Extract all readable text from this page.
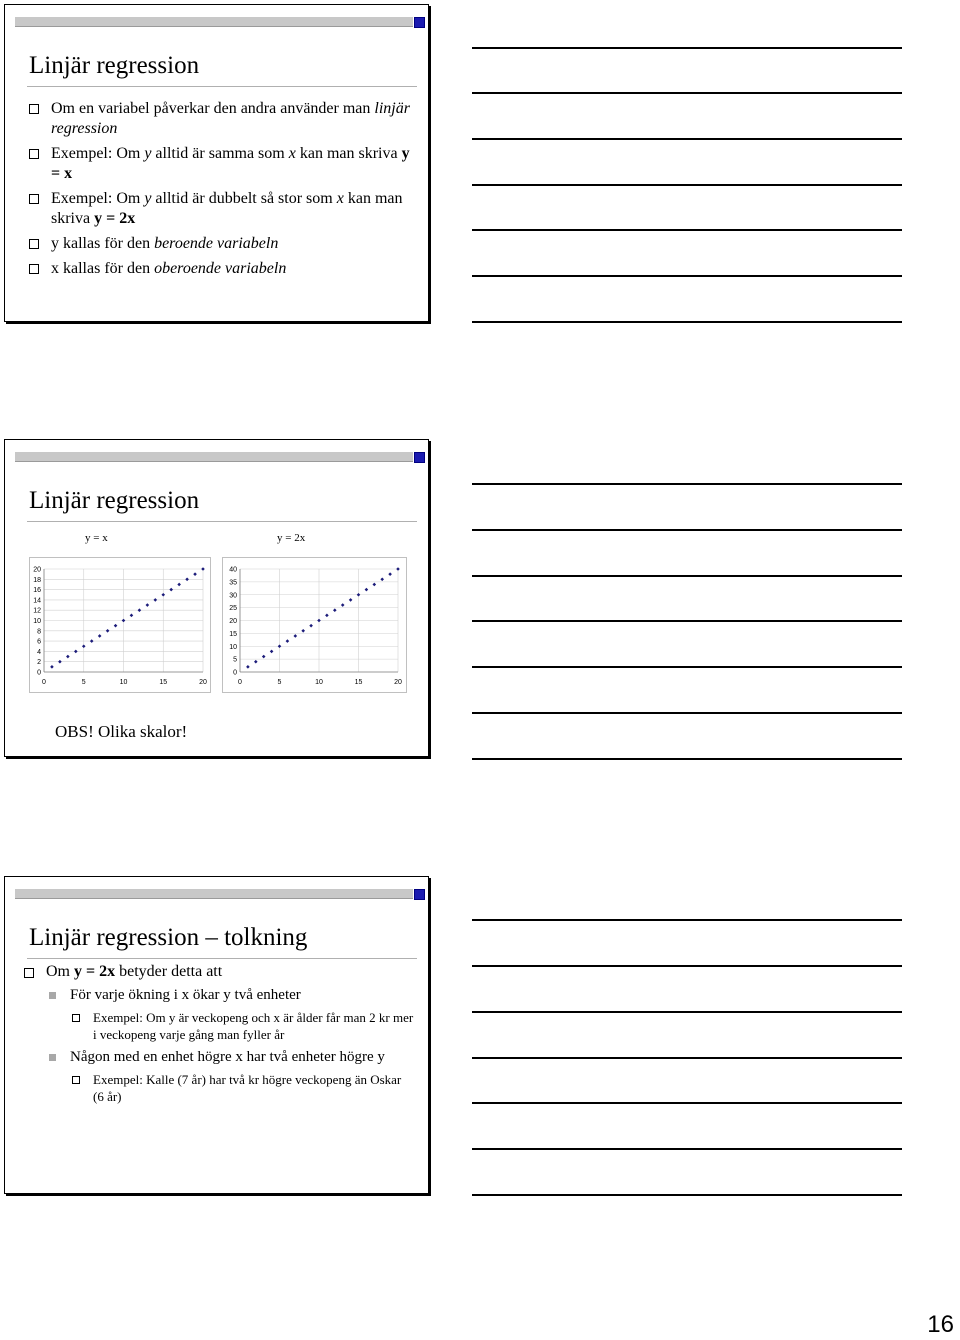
Linjär regression
Om en variabel påverkar den andra använder man linjär regression
Exempel: Om y alltid är samma som x kan man skriva y = x
Exempel: Om y alltid är dubbelt så stor som x kan man skriva y = 2x
y kallas för den beroende variabeln
x kallas för den oberoende variabeln
Linjär regression
y = x	y = 2x
0
2
4
6
8
10
12
14
16
18
20
0	5	10	15	20
0
5
10
15
20
25
30
35
40
0	5	10	15	20
OBS! Olika skalor!
Linjär regression – tolkning
Om y = 2x betyder detta att
För varje ökning i x ökar y två enheter
Exempel: Om y är veckopeng och x är ålder får man 2 kr mer i veckopeng varje gång man fyller år
Någon med en enhet högre x har två enheter högre y
Exempel: Kalle (7 år) har två kr högre veckopeng än Oskar (6 år)
16
